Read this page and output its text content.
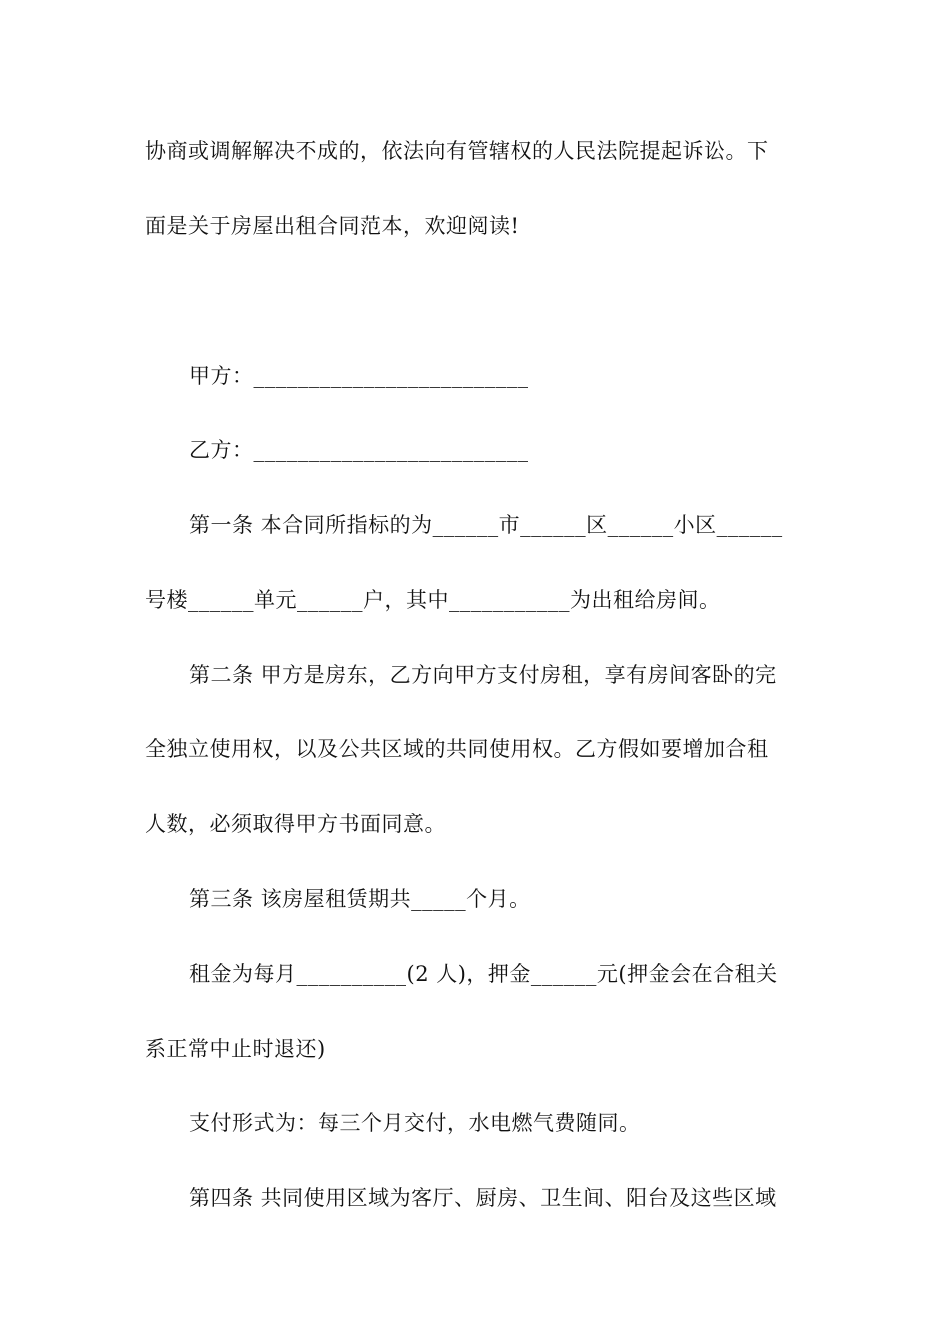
协商或调解解决不成的，依法向有管辖权的人民法院提起诉讼。下
面是关于房屋出租合同范本，欢迎阅读!
甲方：_________________________
乙方：_________________________
第一条 本合同所指标的为______市______区______小区______
号楼______单元______户，其中___________为出租给房间。
第二条 甲方是房东，乙方向甲方支付房租，享有房间客卧的完
全独立使用权，以及公共区域的共同使用权。乙方假如要增加合租
人数，必须取得甲方书面同意。
第三条 该房屋租赁期共_____个月。
租金为每月__________(2 人)，押金______元(押金会在合租关
系正常中止时退还)
支付形式为：每三个月交付，水电燃气费随同。
第四条 共同使用区域为客厅、厨房、卫生间、阳台及这些区域
